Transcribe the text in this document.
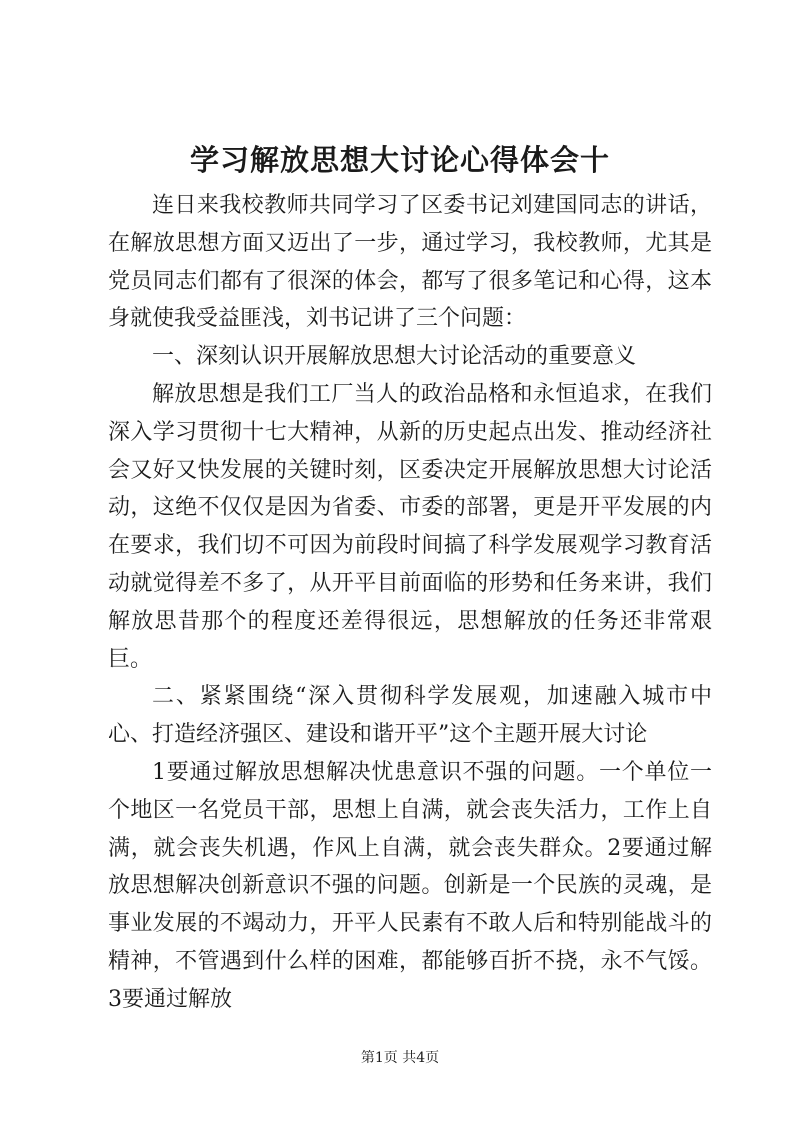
学习解放思想大讨论心得体会十

连日来我校教师共同学习了区委书记刘建国同志的讲话，在解放思想方面又迈出了一步，通过学习，我校教师，尤其是党员同志们都有了很深的体会，都写了很多笔记和心得，这本身就使我受益匪浅，刘书记讲了三个问题：

一、深刻认识开展解放思想大讨论活动的重要意义

解放思想是我们工厂当人的政治品格和永恒追求，在我们深入学习贯彻十七大精神，从新的历史起点出发、推动经济社会又好又快发展的关键时刻，区委决定开展解放思想大讨论活动，这绝不仅仅是因为省委、市委的部署，更是开平发展的内在要求，我们切不可因为前段时间搞了科学发展观学习教育活动就觉得差不多了，从开平目前面临的形势和任务来讲，我们解放思昔那个的程度还差得很远，思想解放的任务还非常艰巨。

二、紧紧围绕“深入贯彻科学发展观，加速融入城市中心、打造经济强区、建设和谐开平”这个主题开展大讨论

1要通过解放思想解决忧患意识不强的问题。一个单位一个地区一名党员干部，思想上自满，就会丧失活力，工作上自满，就会丧失机遇，作风上自满，就会丧失群众。2要通过解放思想解决创新意识不强的问题。创新是一个民族的灵魂，是事业发展的不竭动力，开平人民素有不敢人后和特别能战斗的精神，不管遇到什么样的困难，都能够百折不挠，永不气馁。3要通过解放

第1页 共4页
